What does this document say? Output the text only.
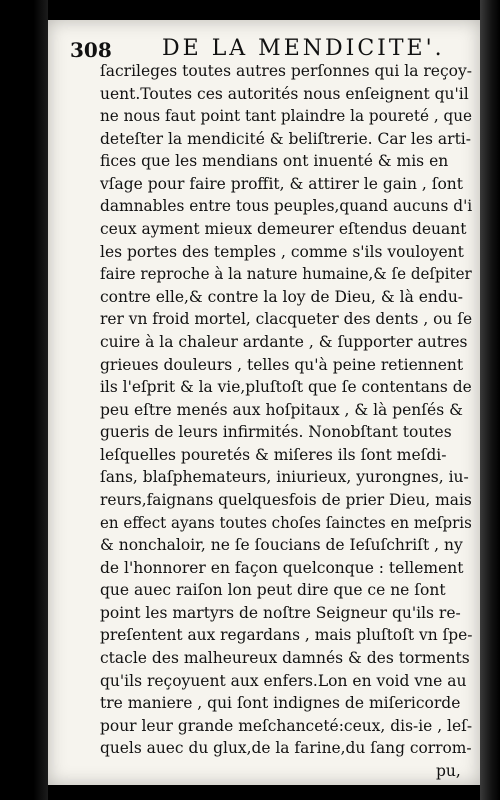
308 DE LA MENDICITE'.
ſacrileges toutes autres perſonnes qui la reçoy-
uent.Toutes ces autorités nous enſeignent qu'il
ne nous faut point tant plaindre la poureté , que
deteſter la mendicité & beliſtrerie. Car les arti-
fices que les mendians ont inuenté & mis en
vſage pour faire proffit, & attirer le gain , ſont
damnables entre tous peuples,quand aucuns d'i
ceux ayment mieux demeurer eſtendus deuant
les portes des temples , comme s'ils vouloyent
faire reproche à la nature humaine,& ſe deſpiter
contre elle,& contre la loy de Dieu, & là endu-
rer vn froid mortel, clacqueter des dents , ou ſe
cuire à la chaleur ardante , & ſupporter autres
grieues douleurs , telles qu'à peine retiennent
ils l'eſprit & la vie,pluſtoſt que ſe contentans de
peu eſtre menés aux hoſpitaux , & là penſés &
gueris de leurs infirmités. Nonobſtant toutes
leſquelles pouretés & miſeres ils ſont meſdi-
ſans, blaſphemateurs, iniurieux, yurongnes, iu-
reurs,faignans quelquesfois de prier Dieu, mais
en effect ayans toutes choſes ſainctes en meſpris
& nonchaloir, ne ſe ſoucians de Ieſuſchriſt , ny
de l'honnorer en façon quelconque : tellement
que auec raiſon lon peut dire que ce ne ſont
point les martyrs de noſtre Seigneur qu'ils re-
preſentent aux regardans , mais pluſtoſt vn ſpe-
ctacle des malheureux damnés & des torments
qu'ils reçoyuent aux enfers.Lon en void vne au
tre maniere , qui ſont indignes de miſericorde
pour leur grande meſchanceté:ceux, dis-ie , leſ-
quels auec du glux,de la farine,du ſang corrom-
pu,
